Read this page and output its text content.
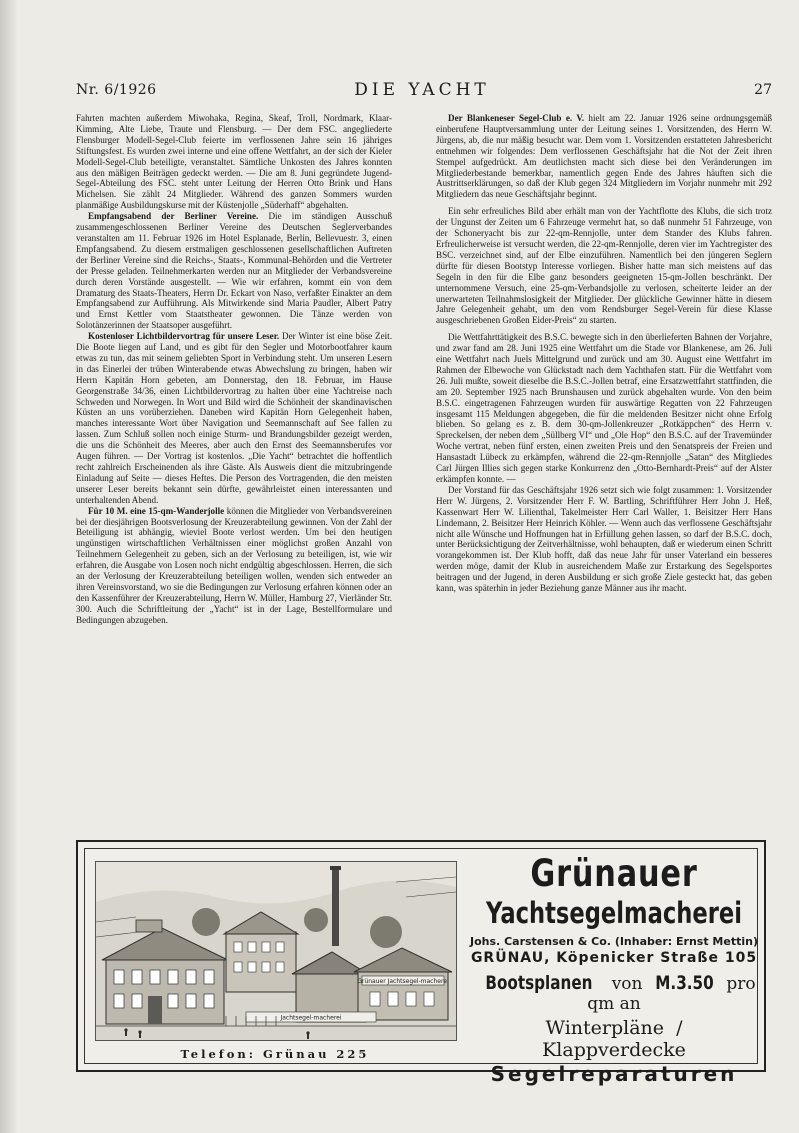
Nr. 6/1926	DIE YACHT	27

Fahrten machten außerdem Miwohaka, Regina, Skeaf, Troll, Nordmark, Klaar-Kimming, Alte Liebe, Traute und Flensburg. — Der dem FSC. angegliederte Flensburger Modell-Segel-Club feierte im verflossenen Jahre sein 16 jähriges Stiftungsfest. Es wurden zwei interne und eine offene Wettfahrt, an der sich der Kieler Modell-Segel-Club beteiligte, veranstaltet. Sämtliche Unkosten des Jahres konnten aus den mäßigen Beiträgen gedeckt werden. — Die am 8. Juni gegründete Jugend-Segel-Abteilung des FSC. steht unter Leitung der Herren Otto Brink und Hans Michelsen. Sie zählt 24 Mitglieder. Während des ganzen Sommers wurden planmäßige Ausbildungskurse mit der Küstenjolle „Süderhaff“ abgehalten.

Empfangsabend der Berliner Vereine. Die im ständigen Ausschuß zusammengeschlossenen Berliner Vereine des Deutschen Seglerverbandes veranstalten am 11. Februar 1926 im Hotel Esplanade, Berlin, Bellevuestr. 3, einen Empfangsabend. Zu diesem erstmaligen geschlossenen gesellschaftlichen Auftreten der Berliner Vereine sind die Reichs-, Staats-, Kommunal-Behörden und die Vertreter der Presse geladen. Teilnehmerkarten werden nur an Mitglieder der Verbandsvereine durch deren Vorstände ausgestellt. — Wie wir erfahren, kommt ein von dem Dramaturg des Staats-Theaters, Herrn Dr. Eckart von Naso, verfaßter Einakter an dem Empfangsabend zur Aufführung. Als Mitwirkende sind Maria Paudler, Albert Patry und Ernst Kettler vom Staatstheater gewonnen. Die Tänze werden von Solotänzerinnen der Staatsoper ausgeführt.

Kostenloser Lichtbildervortrag für unsere Leser. Der Winter ist eine böse Zeit. Die Boote liegen auf Land, und es gibt für den Segler und Motorbootfahrer kaum etwas zu tun, das mit seinem geliebten Sport in Verbindung steht. Um unseren Lesern in das Einerlei der trüben Winterabende etwas Abwechslung zu bringen, haben wir Herrn Kapitän Horn gebeten, am Donnerstag, den 18. Februar, im Hause Georgenstraße 34/36, einen Lichtbildervortrag zu halten über eine Yachtreise nach Schweden und Norwegen. In Wort und Bild wird die Schönheit der skandinavischen Küsten an uns vorüberziehen. Daneben wird Kapitän Horn Gelegenheit haben, manches interessante Wort über Navigation und Seemannschaft auf See fallen zu lassen. Zum Schluß sollen noch einige Sturm- und Brandungsbilder gezeigt werden, die uns die Schönheit des Meeres, aber auch den Ernst des Seemannsberufes vor Augen führen. — Der Vortrag ist kostenlos. „Die Yacht“ betrachtet die hoffentlich recht zahlreich Erscheinenden als ihre Gäste. Als Ausweis dient die mitzubringende Einladung auf Seite — dieses Heftes. Die Person des Vortragenden, die den meisten unserer Leser bereits bekannt sein dürfte, gewährleistet einen interessanten und unterhaltenden Abend.

Für 10 M. eine 15-qm-Wanderjolle können die Mitglieder von Verbandsvereinen bei der diesjährigen Bootsverlosung der Kreuzerabteilung gewinnen. Von der Zahl der Beteiligung ist abhängig, wieviel Boote verlost werden. Um bei den heutigen ungünstigen wirtschaftlichen Verhältnissen einer möglichst großen Anzahl von Teilnehmern Gelegenheit zu geben, sich an der Verlosung zu beteiligen, ist, wie wir erfahren, die Ausgabe von Losen noch nicht endgültig abgeschlossen. Herren, die sich an der Verlosung der Kreuzerabteilung beteiligen wollen, wenden sich entweder an ihren Vereinsvorstand, wo sie die Bedingungen zur Verlosung erfahren können oder an den Kassenführer der Kreuzerabteilung, Herrn W. Müller, Hamburg 27, Vierländer Str. 300. Auch die Schriftleitung der „Yacht“ ist in der Lage, Bestellformulare und Bedingungen abzugeben.

Der Blankeneser Segel-Club e. V. hielt am 22. Januar 1926 seine ordnungsgemäß einberufene Hauptversammlung unter der Leitung seines 1. Vorsitzenden, des Herrn W. Jürgens, ab, die nur mäßig besucht war. Dem vom 1. Vorsitzenden erstatteten Jahresbericht entnehmen wir folgendes: Dem verflossenen Geschäftsjahr hat die Not der Zeit ihren Stempel aufgedrückt. Am deutlichsten macht sich diese bei den Veränderungen im Mitgliederbestande bemerkbar, namentlich gegen Ende des Jahres häuften sich die Austrittserklärungen, so daß der Klub gegen 324 Mitgliedern im Vorjahr nunmehr mit 292 Mitgliedern das neue Geschäftsjahr beginnt.

Ein sehr erfreuliches Bild aber erhält man von der Yachtflotte des Klubs, die sich trotz der Ungunst der Zeiten um 6 Fahrzeuge vermehrt hat, so daß nunmehr 51 Fahrzeuge, von der Schoneryacht bis zur 22-qm-Rennjolle, unter dem Stander des Klubs fahren. Erfreulicherweise ist versucht werden, die 22-qm-Rennjolle, deren vier im Yachtregister des BSC. verzeichnet sind, auf der Elbe einzuführen. Namentlich bei den jüngeren Seglern dürfte für diesen Bootstyp Interesse vorliegen. Bisher hatte man sich meistens auf das Segeln in den für die Elbe ganz besonders geeigneten 15-qm-Jollen beschränkt. Der unternommene Versuch, eine 25-qm-Verbandsjolle zu verlosen, scheiterte leider an der unerwarteten Teilnahmslosigkeit der Mitglieder. Der glückliche Gewinner hätte in diesem Jahre Gelegenheit gehabt, um den vom Rendsburger Segel-Verein für diese Klasse ausgeschriebenen Großen Eider-Preis“ zu starten.

Die Wettfahrttätigkeit des B.S.C. bewegte sich in den überlieferten Bahnen der Vorjahre, und zwar fand am 28. Juni 1925 eine Wettfahrt um die Stade vor Blankenese, am 26. Juli eine Wettfahrt nach Juels Mittelgrund und zurück und am 30. August eine Wettfahrt im Rahmen der Elbewoche von Glückstadt nach dem Yachthafen statt. Für die Wettfahrt vom 26. Juli mußte, soweit dieselbe die B.S.C.-Jollen betraf, eine Ersatzwettfahrt stattfinden, die am 20. September 1925 nach Brunshausen und zurück abgehalten wurde. Von den beim B.S.C. eingetragenen Fahrzeugen wurden für auswärtige Regatten von 22 Fahrzeugen insgesamt 115 Meldungen abgegeben, die für die meldenden Besitzer nicht ohne Erfolg blieben. So gelang es z. B. dem 30-qm-Jollenkreuzer „Rotkäppchen“ des Herrn v. Spreckelsen, der neben dem „Süllberg VI“ und „Ole Hop“ den B.S.C. auf der Travemünder Woche vertrat, neben fünf ersten, einen zweiten Preis und den Senatspreis der Freien und Hansastadt Lübeck zu erkämpfen, während die 22-qm-Rennjolle „Satan“ des Mitgliedes Carl Jürgen Illies sich gegen starke Konkurrenz den „Otto-Bernhardt-Preis“ auf der Alster erkämpfen konnte. —

Der Vorstand für das Geschäftsjahr 1926 setzt sich wie folgt zusammen: 1. Vorsitzender Herr W. Jürgens, 2. Vorsitzender Herr F. W. Bartling, Schriftführer Herr John J. Heß, Kassenwart Herr W. Lilienthal, Takelmeister Herr Carl Waller, 1. Beisitzer Herr Hans Lindemann, 2. Beisitzer Herr Heinrich Köhler. — Wenn auch das verflossene Geschäftsjahr nicht alle Wünsche und Hoffnungen hat in Erfüllung gehen lassen, so darf der B.S.C. doch, unter Berücksichtigung der Zeitverhältnisse, wohl behaupten, daß er wiederum einen Schritt vorangekommen ist. Der Klub hofft, daß das neue Jahr für unser Vaterland ein besseres werden möge, damit der Klub in ausreichendem Maße zur Erstarkung des Segelsportes beitragen und der Jugend, in deren Ausbildung er sich große Ziele gesteckt hat, das geben kann, was späterhin in jeder Beziehung ganze Männer aus ihr macht.

Grünauer Jachtsegel-macherei
Jachtsegel-macherei
Telefon: Grünau 225
Grünauer
Yachtsegelmacherei
Johs. Carstensen & Co. (Inhaber: Ernst Mettin)
GRÜNAU, Köpenicker Straße 105
Bootsplanen von M.3.50 pro qm an
Winterpläne / Klappverdecke
Segelreparaturen
